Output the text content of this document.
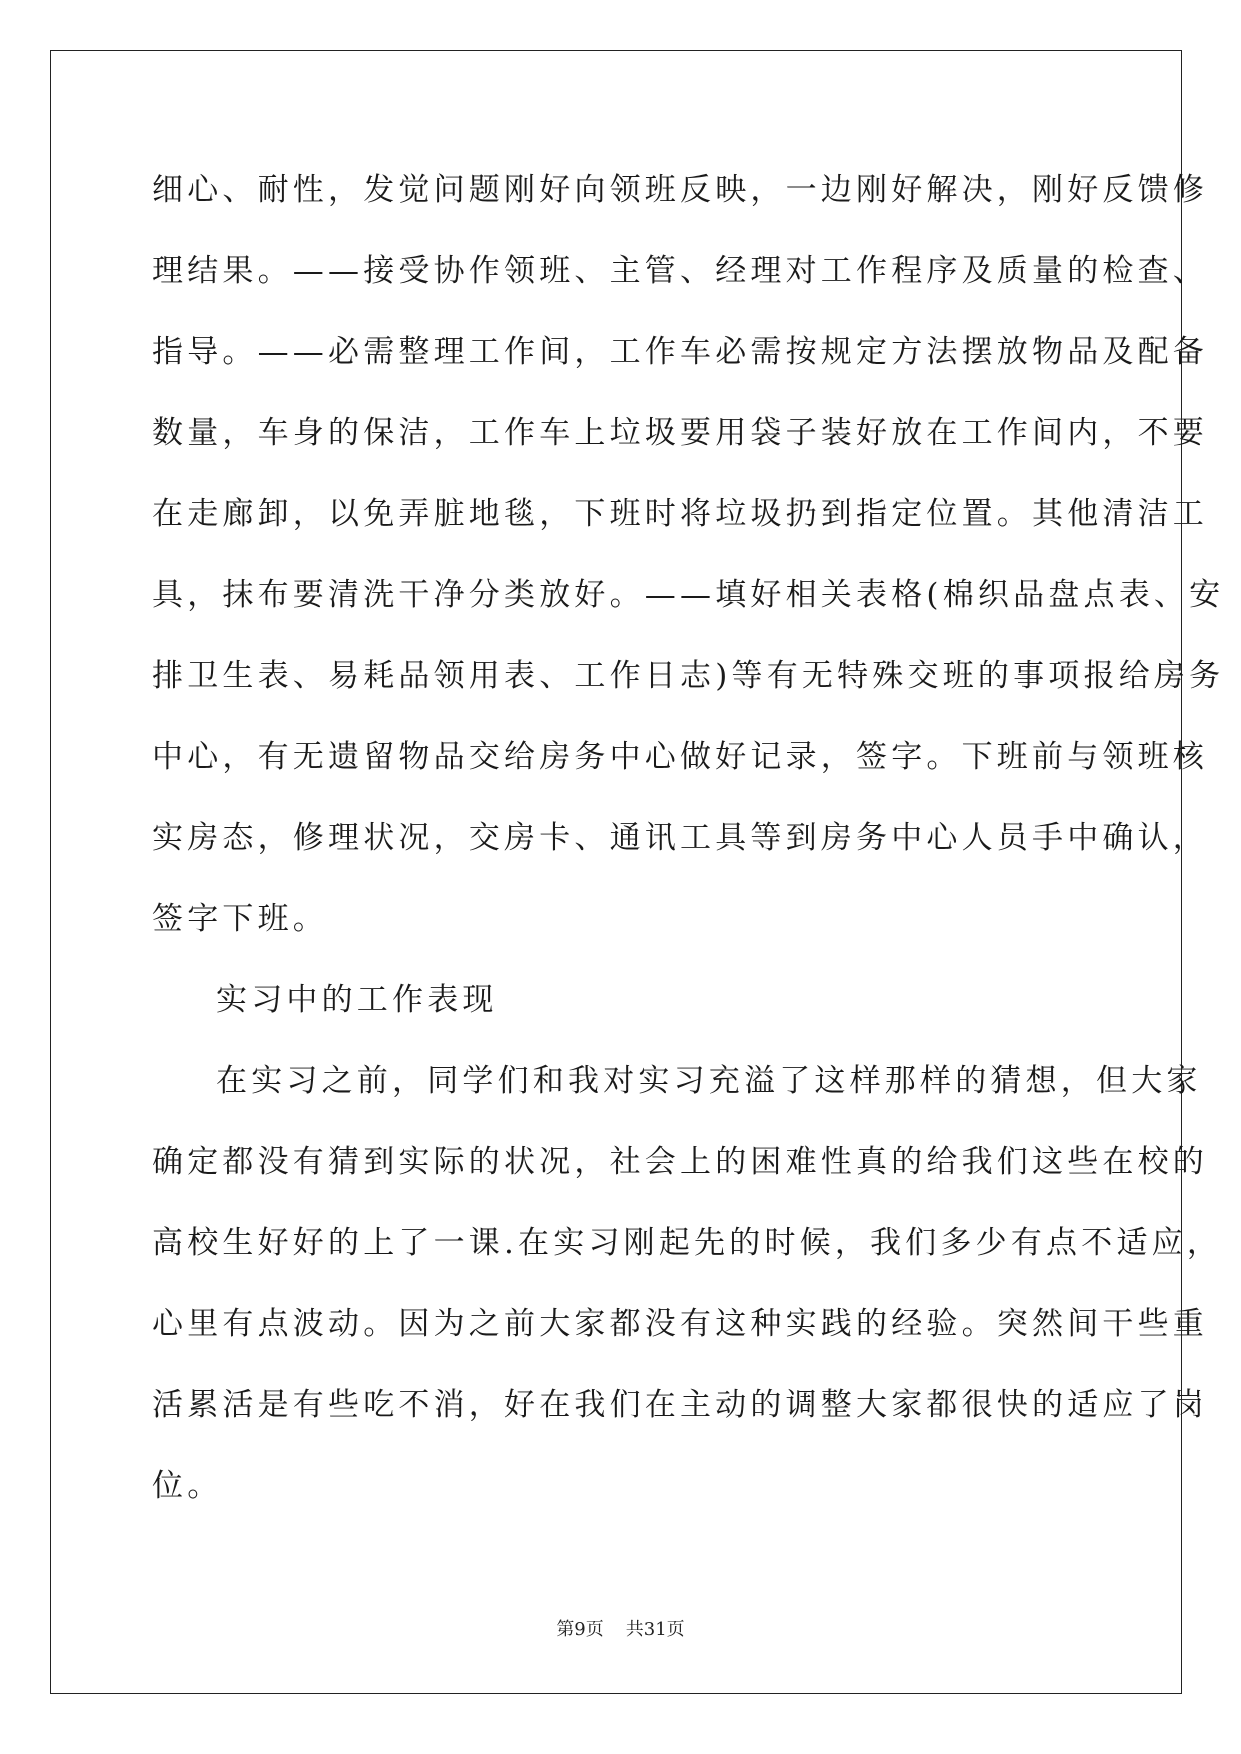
细心、耐性，发觉问题刚好向领班反映，一边刚好解决，刚好反馈修
理结果。——接受协作领班、主管、经理对工作程序及质量的检查、
指导。——必需整理工作间，工作车必需按规定方法摆放物品及配备
数量，车身的保洁，工作车上垃圾要用袋子装好放在工作间内，不要
在走廊卸，以免弄脏地毯，下班时将垃圾扔到指定位置。其他清洁工
具，抹布要清洗干净分类放好。——填好相关表格(棉织品盘点表、安
排卫生表、易耗品领用表、工作日志)等有无特殊交班的事项报给房务
中心，有无遗留物品交给房务中心做好记录，签字。下班前与领班核
实房态，修理状况，交房卡、通讯工具等到房务中心人员手中确认，
签字下班。
实习中的工作表现
在实习之前，同学们和我对实习充溢了这样那样的猜想，但大家
确定都没有猜到实际的状况，社会上的困难性真的给我们这些在校的
高校生好好的上了一课.在实习刚起先的时候，我们多少有点不适应，
心里有点波动。因为之前大家都没有这种实践的经验。突然间干些重
活累活是有些吃不消，好在我们在主动的调整大家都很快的适应了岗
位。
第9页 共31页
